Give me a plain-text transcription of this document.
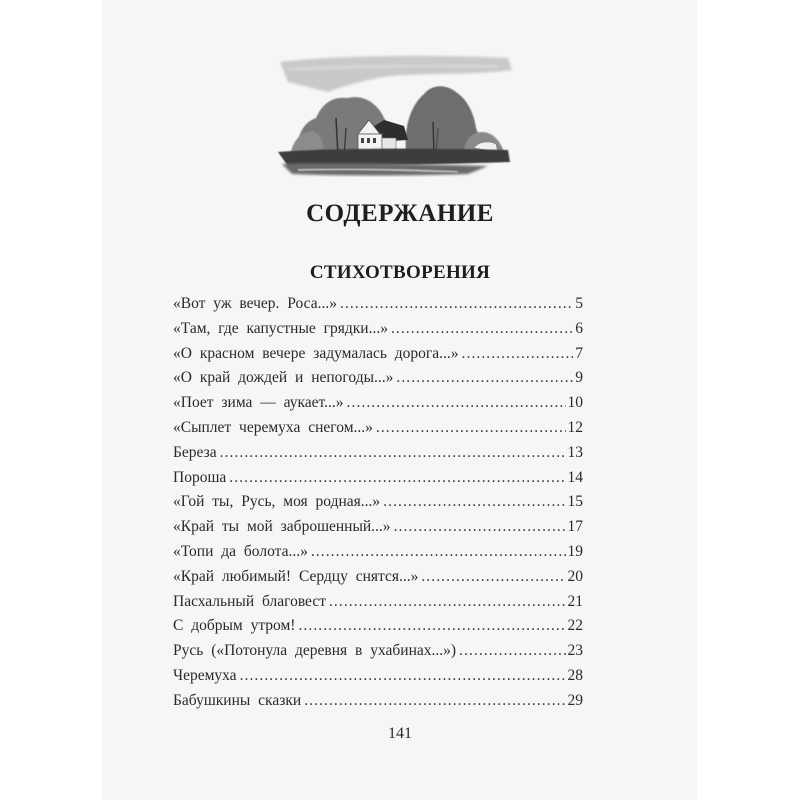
СОДЕРЖАНИЕ
СТИХОТВОРЕНИЯ
«Вот уж вечер. Роса...» . . .	5
«Там, где капустные грядки...» . . .	6
«О красном вечере задумалась дорога...» . . .	7
«О край дождей и непогоды...» . . .	9
«Поет зима — аукает...» . . .	10
«Сыплет черемуха снегом...» . . .	12
Береза . . .	13
Пороша . . .	14
«Гой ты, Русь, моя родная...» . . .	15
«Край ты мой заброшенный...» . . .	17
«Топи да болота...» . . .	19
«Край любимый! Сердцу снятся...» . . .	20
Пасхальный благовест . . .	21
С добрым утром! . . .	22
Русь («Потонула деревня в ухабинах...») . . .	23
Черемуха . . .	28
Бабушкины сказки . . .	29
141
